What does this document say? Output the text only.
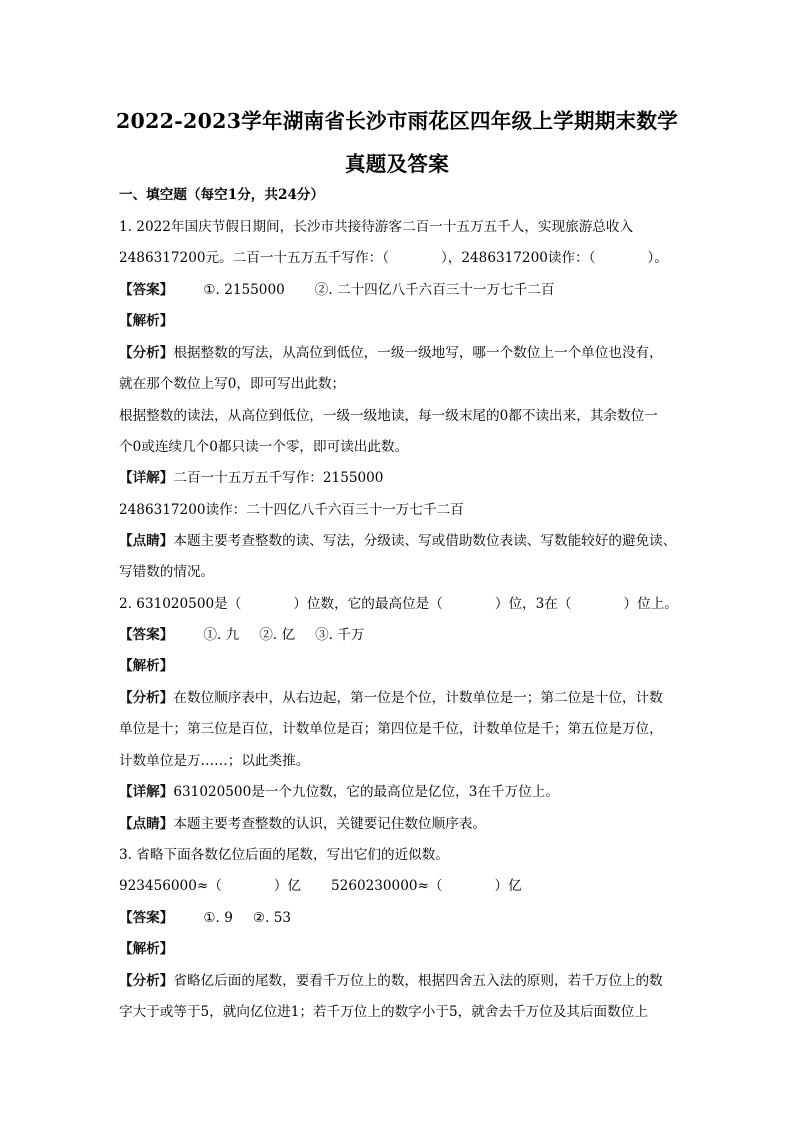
2022-2023学年湖南省长沙市雨花区四年级上学期期末数学
真题及答案
一、填空题（每空1分，共24分）
1. 2022年国庆节假日期间，长沙市共接待游客二百一十五万五千人，实现旅游总收入
2486317200元。二百一十五万五千写作：（	），2486317200读作：（	）。
【答案】 ①. 2155000 ②. 二十四亿八千六百三十一万七千二百
【解析】
【分析】根据整数的写法，从高位到低位，一级一级地写，哪一个数位上一个单位也没有，
就在那个数位上写0，即可写出此数；
根据整数的读法，从高位到低位，一级一级地读，每一级末尾的0都不读出来，其余数位一
个0或连续几个0都只读一个零，即可读出此数。
【详解】二百一十五万五千写作：2155000
2486317200读作：二十四亿八千六百三十一万七千二百
【点睛】本题主要考查整数的读、写法，分级读、写或借助数位表读、写数能较好的避免读、
写错数的情况。
2. 631020500是（	）位数，它的最高位是（	）位，3在（	）位上。
【答案】 ①. 九 ②. 亿 ③. 千万
【解析】
【分析】在数位顺序表中，从右边起，第一位是个位，计数单位是一；第二位是十位，计数
单位是十；第三位是百位，计数单位是百；第四位是千位，计数单位是千；第五位是万位，
计数单位是万……；以此类推。
【详解】631020500是一个九位数，它的最高位是亿位，3在千万位上。
【点睛】本题主要考查整数的认识，关键要记住数位顺序表。
3. 省略下面各数亿位后面的尾数，写出它们的近似数。
923456000≈（	）亿 5260230000≈（	）亿
【答案】 ①. 9 ②. 53
【解析】
【分析】省略亿后面的尾数，要看千万位上的数，根据四舍五入法的原则，若千万位上的数
字大于或等于5，就向亿位进1；若千万位上的数字小于5，就舍去千万位及其后面数位上
